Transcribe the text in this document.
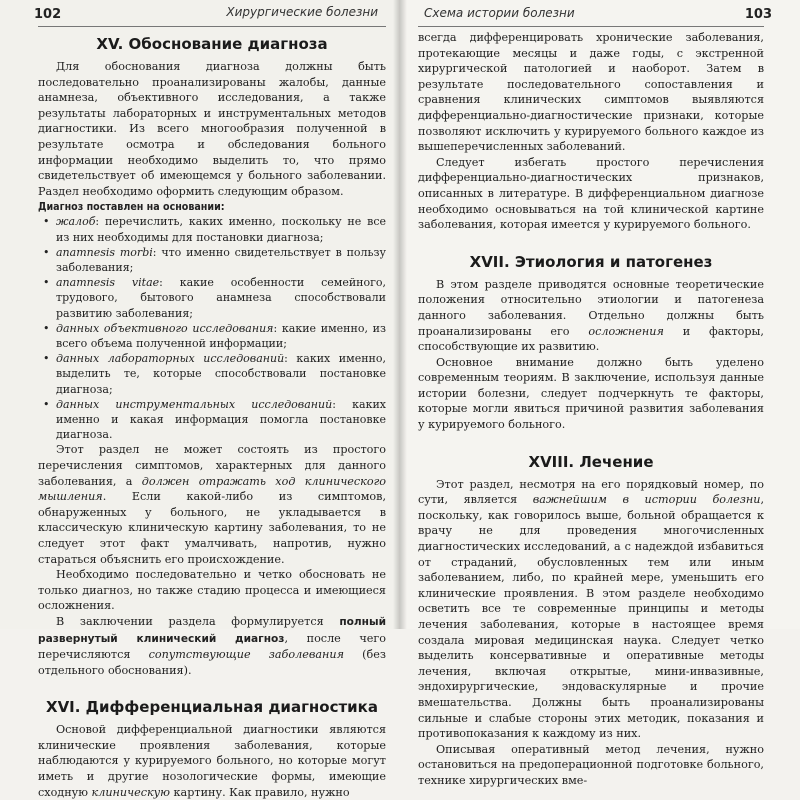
102	Хирургические болезни
XV. Обоснование диагноза

Для обоснования диагноза должны быть последовательно проанализированы жалобы, данные анамнеза, объективного исследования, а также результаты лабораторных и инструментальных методов диагностики. Из всего многообразия полученной в результате осмотра и обследования больного информации необходимо выделить то, что прямо свидетельствует об имеющемся у больного заболевании. Раздел необходимо оформить следующим образом.

Диагноз поставлен на основании:
• жалоб: перечислить, каких именно, поскольку не все из них необходимы для постановки диагноза;
• anamnesis morbi: что именно свидетельствует в пользу заболевания;
• anamnesis vitae: какие особенности семейного, трудового, бытового анамнеза способствовали развитию заболевания;
• данных объективного исследования: какие именно, из всего объема полученной информации;
• данных лабораторных исследований: каких именно, выделить те, которые способствовали постановке диагноза;
• данных инструментальных исследований: каких именно и какая информация помогла постановке диагноза.

Этот раздел не может состоять из простого перечисления симптомов, характерных для данного заболевания, а должен отражать ход клинического мышления. Если какой-либо из симптомов, обнаруженных у больного, не укладывается в классическую клиническую картину заболевания, то не следует этот факт умалчивать, напротив, нужно стараться объяснить его происхождение.

Необходимо последовательно и четко обосновать не только диагноз, но также стадию процесса и имеющиеся осложнения.

В заключении раздела формулируется полный развернутый клинический диагноз, после чего перечисляются сопутствующие заболевания (без отдельного обоснования).

XVI. Дифференциальная диагностика

Основой дифференциальной диагностики являются клинические проявления заболевания, которые наблюдаются у курируемого больного, но которые могут иметь и другие нозологические формы, имеющие сходную клиническую картину. Как правило, нужно

Схема истории болезни	103

всегда дифференцировать хронические заболевания, протекающие месяцы и даже годы, с экстренной хирургической патологией и наоборот. Затем в результате последовательного сопоставления и сравнения клинических симптомов выявляются дифференциально-диагностические признаки, которые позволяют исключить у курируемого больного каждое из вышеперечисленных заболеваний.

Следует избегать простого перечисления дифференциально-диагностических признаков, описанных в литературе. В дифференциальном диагнозе необходимо основываться на той клинической картине заболевания, которая имеется у курируемого больного.

XVII. Этиология и патогенез

В этом разделе приводятся основные теоретические положения относительно этиологии и патогенеза данного заболевания. Отдельно должны быть проанализированы его осложнения и факторы, способствующие их развитию.

Основное внимание должно быть уделено современным теориям. В заключение, используя данные истории болезни, следует подчеркнуть те факторы, которые могли явиться причиной развития заболевания у курируемого больного.

XVIII. Лечение

Этот раздел, несмотря на его порядковый номер, по сути, является важнейшим в истории болезни, поскольку, как говорилось выше, больной обращается к врачу не для проведения многочисленных диагностических исследований, а с надеждой избавиться от страданий, обусловленных тем или иным заболеванием, либо, по крайней мере, уменьшить его клинические проявления. В этом разделе необходимо осветить все те современные принципы и методы лечения заболевания, которые в настоящее время создала мировая медицинская наука. Следует четко выделить консервативные и оперативные методы лечения, включая открытые, мини-инвазивные, эндохирургические, эндоваскулярные и прочие вмешательства. Должны быть проанализированы сильные и слабые стороны этих методик, показания и противопоказания к каждому из них.

Описывая оперативный метод лечения, нужно остановиться на предоперационной подготовке больного, технике хирургических вме-
